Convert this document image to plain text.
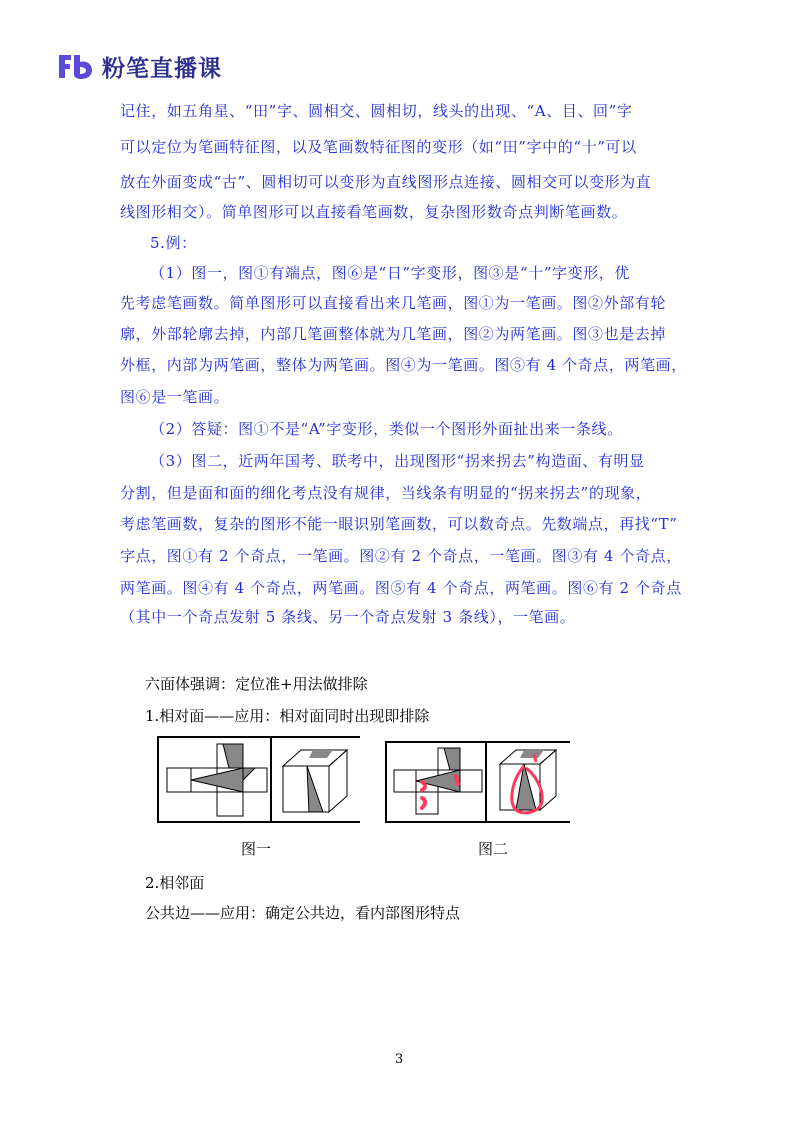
粉笔直播课
记住，如五角星、“田”字、圆相交、圆相切，线头的出现、“A、目、回”字
可以定位为笔画特征图，以及笔画数特征图的变形（如“田”字中的“十”可以
放在外面变成“古”、圆相切可以变形为直线图形点连接、圆相交可以变形为直
线图形相交）。简单图形可以直接看笔画数，复杂图形数奇点判断笔画数。
5.例：
（1）图一，图①有端点，图⑥是“日”字变形，图③是“十”字变形，优
先考虑笔画数。简单图形可以直接看出来几笔画，图①为一笔画。图②外部有轮
廓，外部轮廓去掉，内部几笔画整体就为几笔画，图②为两笔画。图③也是去掉
外框，内部为两笔画，整体为两笔画。图④为一笔画。图⑤有 4 个奇点，两笔画，
图⑥是一笔画。
（2）答疑：图①不是“A”字变形，类似一个图形外面扯出来一条线。
（3）图二，近两年国考、联考中，出现图形“拐来拐去”构造面、有明显
分割，但是面和面的细化考点没有规律，当线条有明显的“拐来拐去”的现象，
考虑笔画数，复杂的图形不能一眼识别笔画数，可以数奇点。先数端点，再找“T”
字点，图①有 2 个奇点，一笔画。图②有 2 个奇点，一笔画。图③有 4 个奇点，
两笔画。图④有 4 个奇点，两笔画。图⑤有 4 个奇点，两笔画。图⑥有 2 个奇点
（其中一个奇点发射 5 条线、另一个奇点发射 3 条线），一笔画。
六面体强调：定位准+用法做排除
1.相对面——应用：相对面同时出现即排除
图一	图二
2.相邻面
公共边——应用：确定公共边，看内部图形特点
3
